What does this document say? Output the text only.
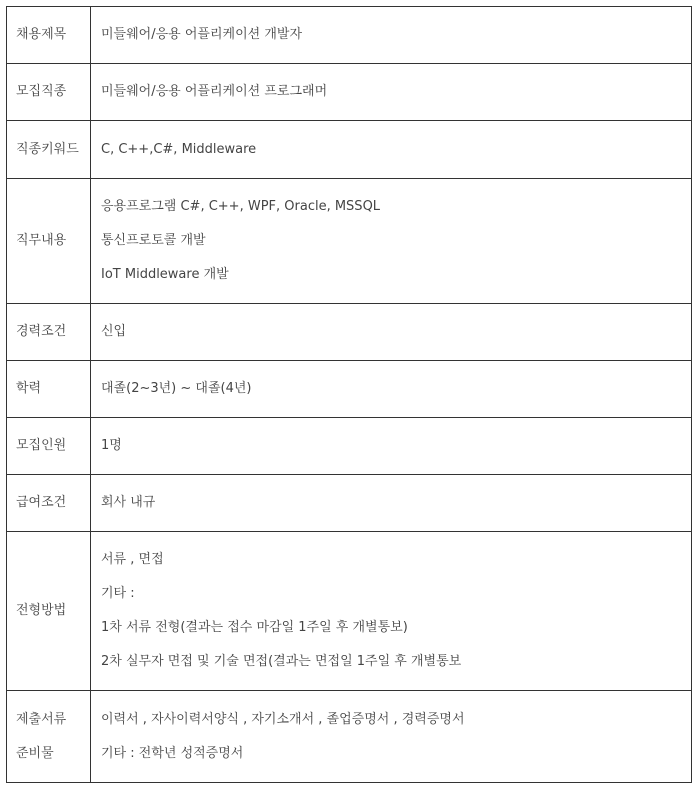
채용제목	미들웨어/응용 어플리케이션 개발자
모집직종	미들웨어/응용 어플리케이션 프로그래머
직종키워드	C, C++,C#, Middleware
직무내용	응용프로그램 C#, C++, WPF, Oracle, MSSQL
통신프로토콜 개발
IoT Middleware 개발

경력조건	신입
학력	대졸(2~3년) ~ 대졸(4년)
모집인원	1명
급여조건	회사 내규
전형방법	서류 , 면접
기타 :
1차 서류 전형(결과는 접수 마감일 1주일 후 개별통보)
2차 실무자 면접 및 기술 면접(결과는 면접일 1주일 후 개별통보

제출서류
준비물	이력서 , 자사이력서양식 , 자기소개서 , 졸업증명서 , 경력증명서
기타 : 전학년 성적증명서
